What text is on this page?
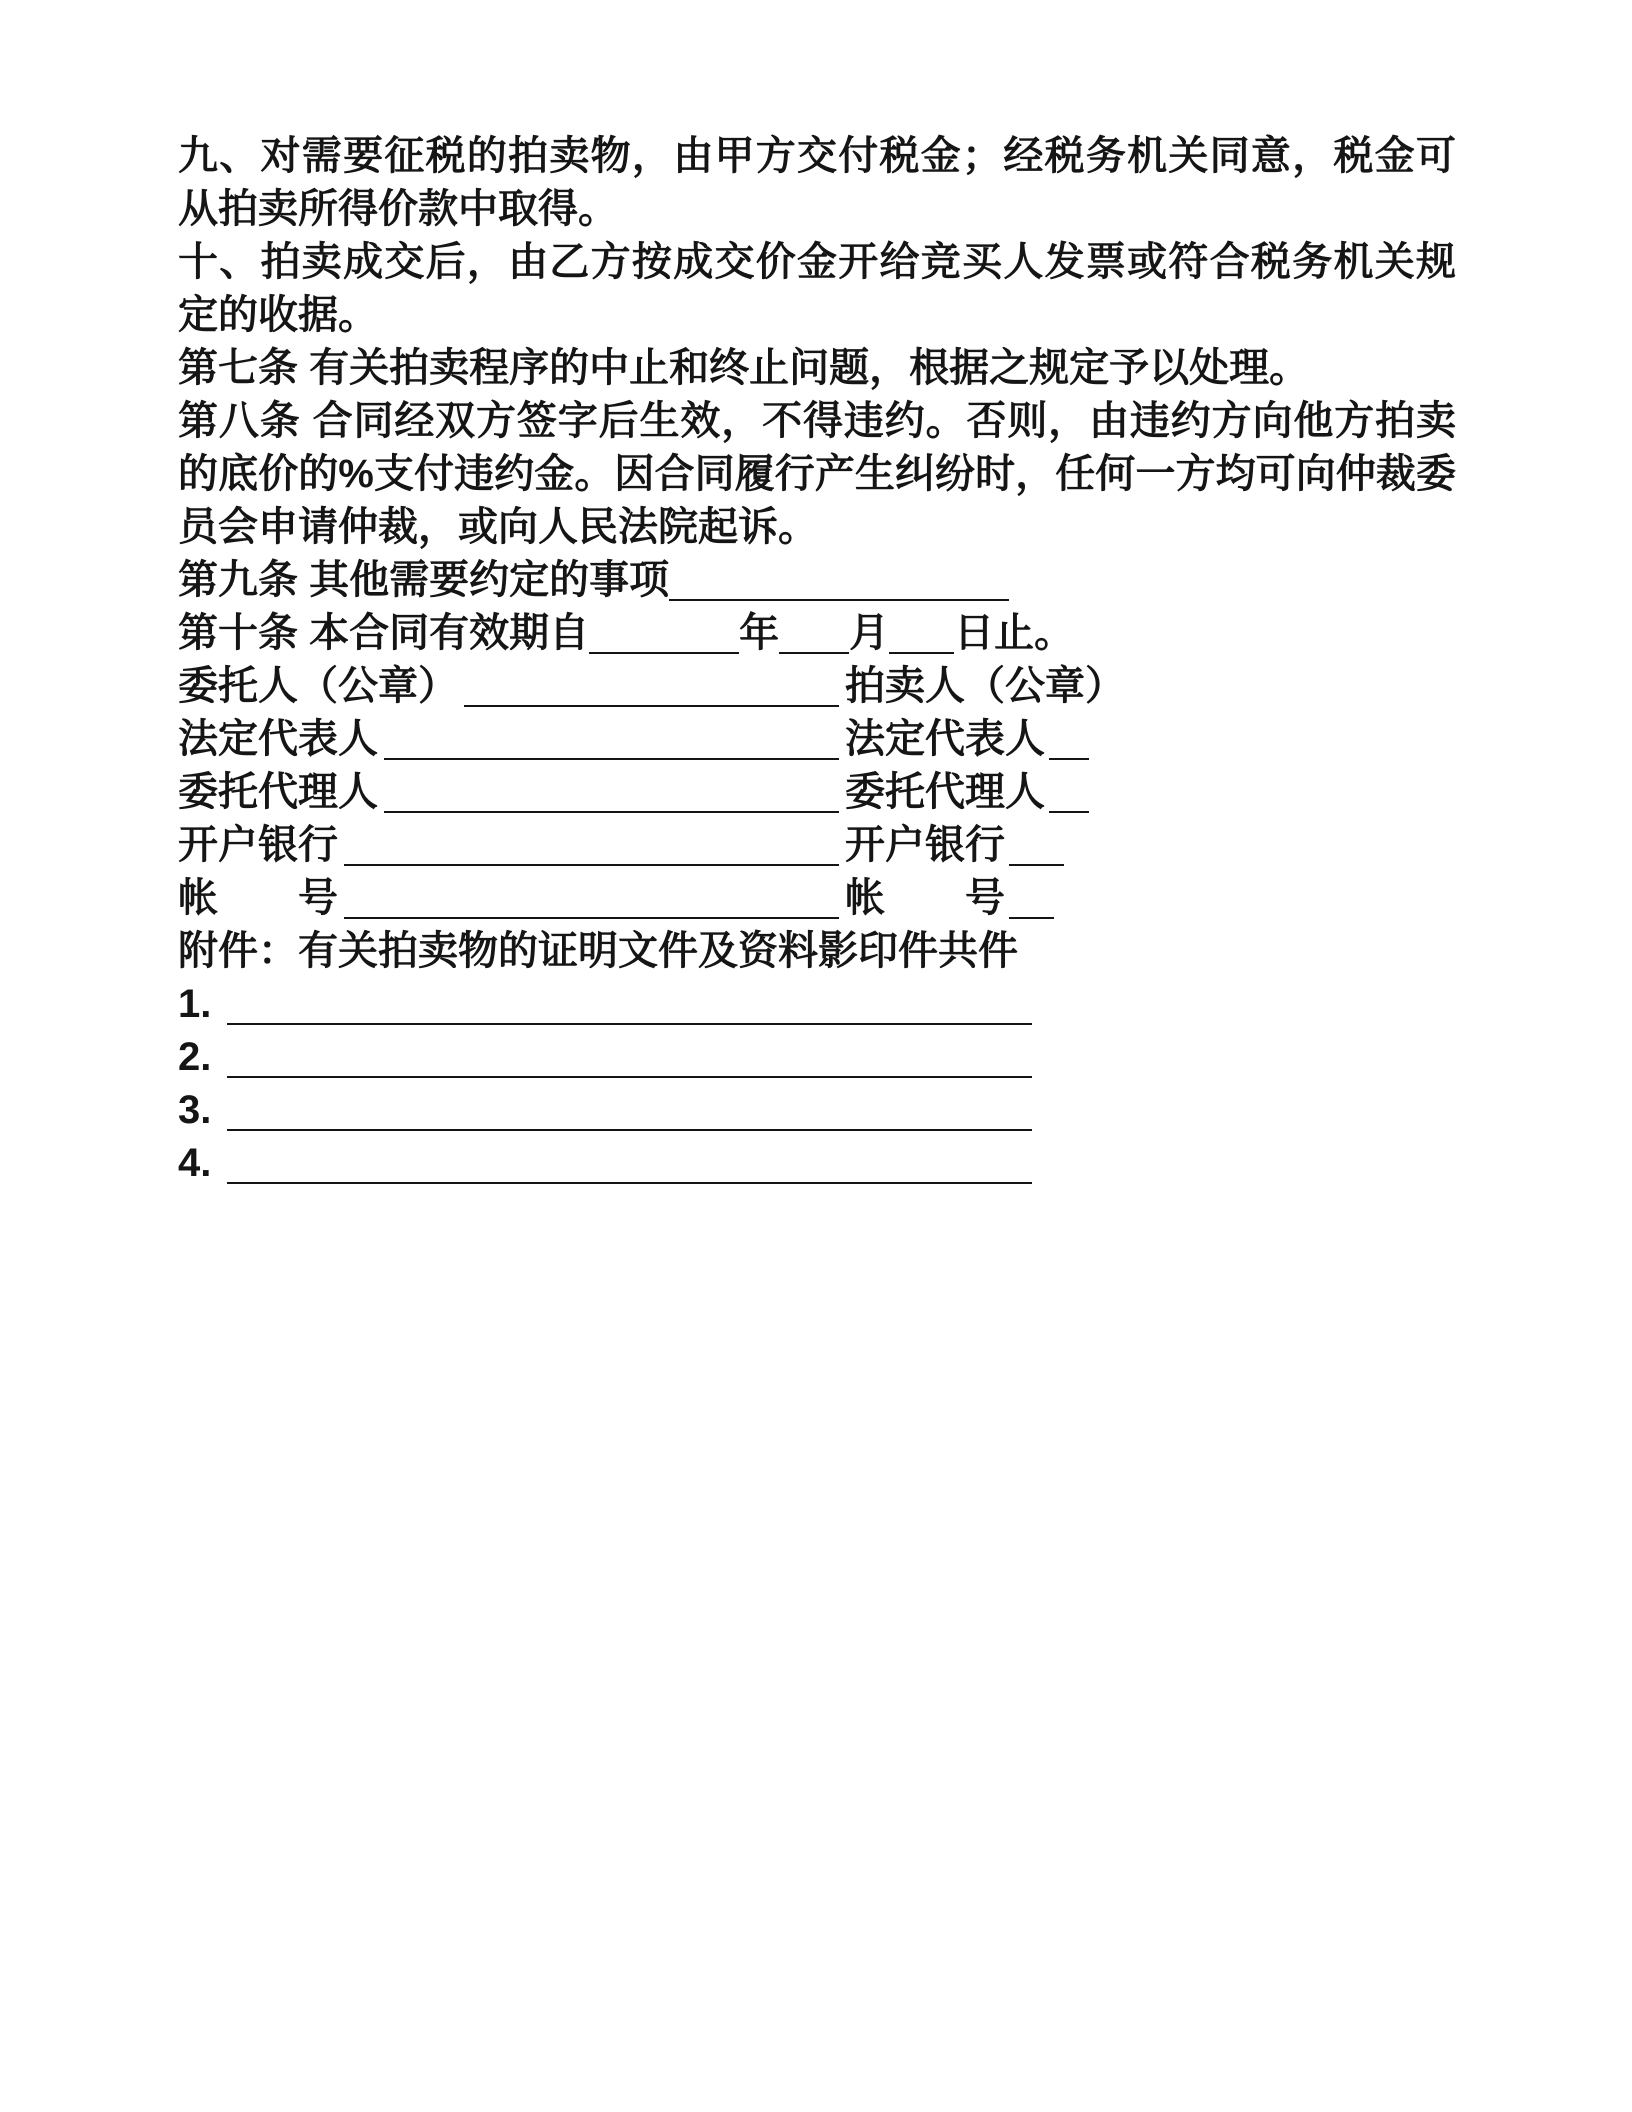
九、对需要征税的拍卖物，由甲方交付税金；经税务机关同意，税金可从拍卖所得价款中取得。

十、拍卖成交后，由乙方按成交价金开给竞买人发票或符合税务机关规定的收据。

第七条 有关拍卖程序的中止和终止问题，根据之规定予以处理。

第八条 合同经双方签字后生效，不得违约。否则，由违约方向他方拍卖的底价的%支付违约金。因合同履行产生纠纷时，任何一方均可向仲裁委员会申请仲裁，或向人民法院起诉。

第九条 其他需要约定的事项

第十条 本合同有效期自	年 月 日止。

委托人（公章）	拍卖人（公章）
法定代表人	法定代表人
委托代理人	委托代理人
开户银行	开户银行
帐　　号	帐　　号

附件：有关拍卖物的证明文件及资料影印件共件

1.

2.

3.

4.
